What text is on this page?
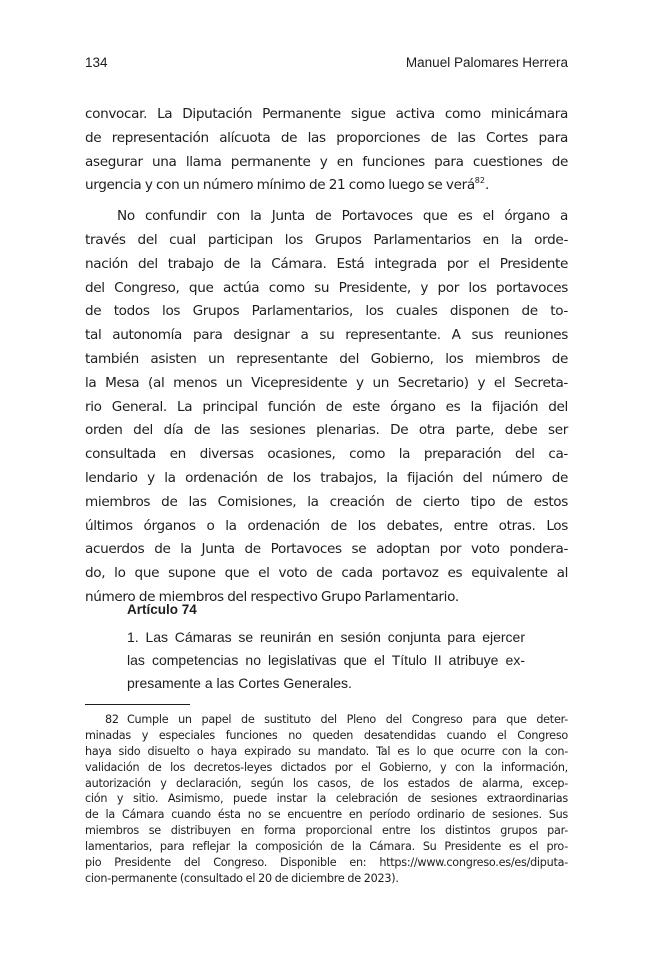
134	Manuel Palomares Herrera
convocar. La Diputación Permanente sigue activa como minicámara
de representación alícuota de las proporciones de las Cortes para
asegurar una llama permanente y en funciones para cuestiones de
urgencia y con un número mínimo de 21 como luego se verá$^{82}$.
No confundir con la Junta de Portavoces que es el órgano a
través del cual participan los Grupos Parlamentarios en la orde-
nación del trabajo de la Cámara. Está integrada por el Presidente
del Congreso, que actúa como su Presidente, y por los portavoces
de todos los Grupos Parlamentarios, los cuales disponen de to-
tal autonomía para designar a su representante. A sus reuniones
también asisten un representante del Gobierno, los miembros de
la Mesa (al menos un Vicepresidente y un Secretario) y el Secreta-
rio General. La principal función de este órgano es la fijación del
orden del día de las sesiones plenarias. De otra parte, debe ser
consultada en diversas ocasiones, como la preparación del ca-
lendario y la ordenación de los trabajos, la fijación del número de
miembros de las Comisiones, la creación de cierto tipo de estos
últimos órganos o la ordenación de los debates, entre otras. Los
acuerdos de la Junta de Portavoces se adoptan por voto pondera-
do, lo que supone que el voto de cada portavoz es equivalente al
número de miembros del respectivo Grupo Parlamentario.
Artículo 74
1. Las Cámaras se reunirán en sesión conjunta para ejercer
las competencias no legislativas que el Título II atribuye ex-
presamente a las Cortes Generales.
82 Cumple un papel de sustituto del Pleno del Congreso para que deter-
minadas y especiales funciones no queden desatendidas cuando el Congreso
haya sido disuelto o haya expirado su mandato. Tal es lo que ocurre con la con-
validación de los decretos-leyes dictados por el Gobierno, y con la información,
autorización y declaración, según los casos, de los estados de alarma, excep-
ción y sitio. Asimismo, puede instar la celebración de sesiones extraordinarias
de la Cámara cuando ésta no se encuentre en período ordinario de sesiones. Sus
miembros se distribuyen en forma proporcional entre los distintos grupos par-
lamentarios, para reflejar la composición de la Cámara. Su Presidente es el pro-
pio Presidente del Congreso. Disponible en: https://www.congreso.es/es/diputa-
cion-permanente (consultado el 20 de diciembre de 2023).
